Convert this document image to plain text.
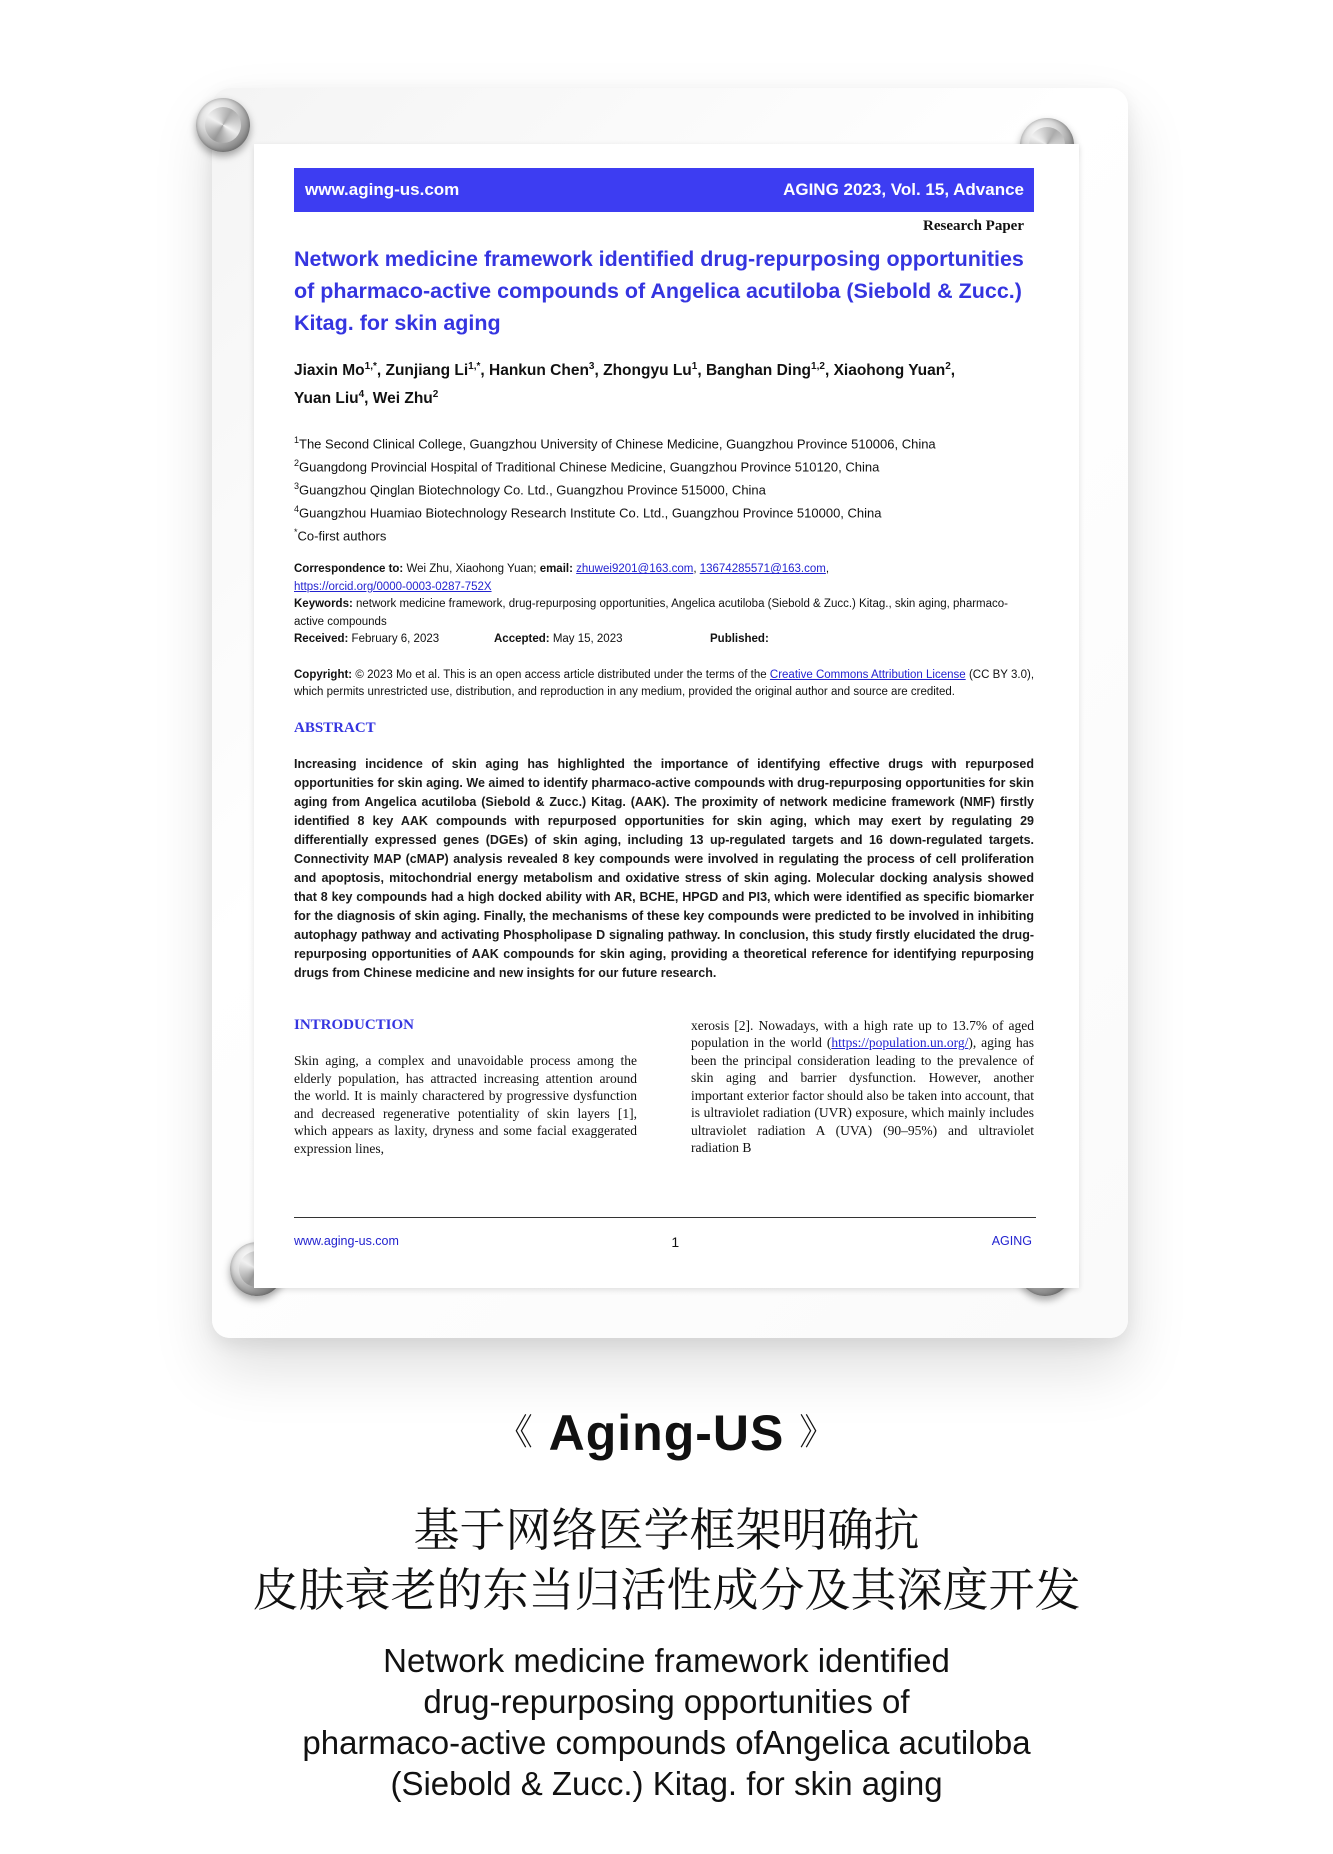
www.aging-us.com	AGING 2023, Vol. 15, Advance
Research Paper
Network medicine framework identified drug-repurposing opportunities of pharmaco-active compounds of Angelica acutiloba (Siebold & Zucc.) Kitag. for skin aging
Jiaxin $Mo^{1,*}$, Zunjiang $Li^{1,*}$, Hankun Chen$^3$, Zhongyu Lu$^1$, Banghan Ding$^{1,2}$, Xiaohong Yuan$^2$,
Yuan Liu$^4$, Wei Zhu$^2$
$^1$The Second Clinical College, Guangzhou University of Chinese Medicine, Guangzhou Province 510006, China
$^2$Guangdong Provincial Hospital of Traditional Chinese Medicine, Guangzhou Province 510120, China
$^3$Guangzhou Qinglan Biotechnology Co. Ltd., Guangzhou Province 515000, China
$^4$Guangzhou Huamiao Biotechnology Research Institute Co. Ltd., Guangzhou Province 510000, China
*Co-first authors
Correspondence to: Wei Zhu, Xiaohong Yuan; email: zhuwei9201@163.com, 13674285571@163.com,
https://orcid.org/0000-0003-0287-752X
Keywords: network medicine framework, drug-repurposing opportunities, Angelica acutiloba (Siebold & Zucc.) Kitag., skin aging, pharmaco-active compounds
Received: February 6, 2023	Accepted: May 15, 2023	Published:
Copyright: © 2023 Mo et al. This is an open access article distributed under the terms of the Creative Commons Attribution License (CC BY 3.0), which permits unrestricted use, distribution, and reproduction in any medium, provided the original author and source are credited.
ABSTRACT
Increasing incidence of skin aging has highlighted the importance of identifying effective drugs with repurposed opportunities for skin aging. We aimed to identify pharmaco-active compounds with drug-repurposing opportunities for skin aging from Angelica acutiloba (Siebold & Zucc.) Kitag. (AAK). The proximity of network medicine framework (NMF) firstly identified 8 key AAK compounds with repurposed opportunities for skin aging, which may exert by regulating 29 differentially expressed genes (DGEs) of skin aging, including 13 up-regulated targets and 16 down-regulated targets. Connectivity MAP (cMAP) analysis revealed 8 key compounds were involved in regulating the process of cell proliferation and apoptosis, mitochondrial energy metabolism and oxidative stress of skin aging. Molecular docking analysis showed that 8 key compounds had a high docked ability with AR, BCHE, HPGD and PI3, which were identified as specific biomarker for the diagnosis of skin aging. Finally, the mechanisms of these key compounds were predicted to be involved in inhibiting autophagy pathway and activating Phospholipase D signaling pathway. In conclusion, this study firstly elucidated the drug-repurposing opportunities of AAK compounds for skin aging, providing a theoretical reference for identifying repurposing drugs from Chinese medicine and new insights for our future research.
INTRODUCTION
Skin aging, a complex and unavoidable process among the elderly population, has attracted increasing attention around the world. It is mainly charactered by progressive dysfunction and decreased regenerative potentiality of skin layers [1], which appears as laxity, dryness and some facial exaggerated expression lines,
xerosis [2]. Nowadays, with a high rate up to 13.7% of aged population in the world (https://population.un.org/), aging has been the principal consideration leading to the prevalence of skin aging and barrier dysfunction. However, another important exterior factor should also be taken into account, that is ultraviolet radiation (UVR) exposure, which mainly includes ultraviolet radiation A (UVA) (90–95%) and ultraviolet radiation B
www.aging-us.com	1	AGING
《 Aging-US 》
基于网络医学框架明确抗
皮肤衰老的东当归活性成分及其深度开发
Network medicine framework identified
drug-repurposing opportunities of
pharmaco-active compounds ofAngelica acutiloba
(Siebold & Zucc.) Kitag. for skin aging
